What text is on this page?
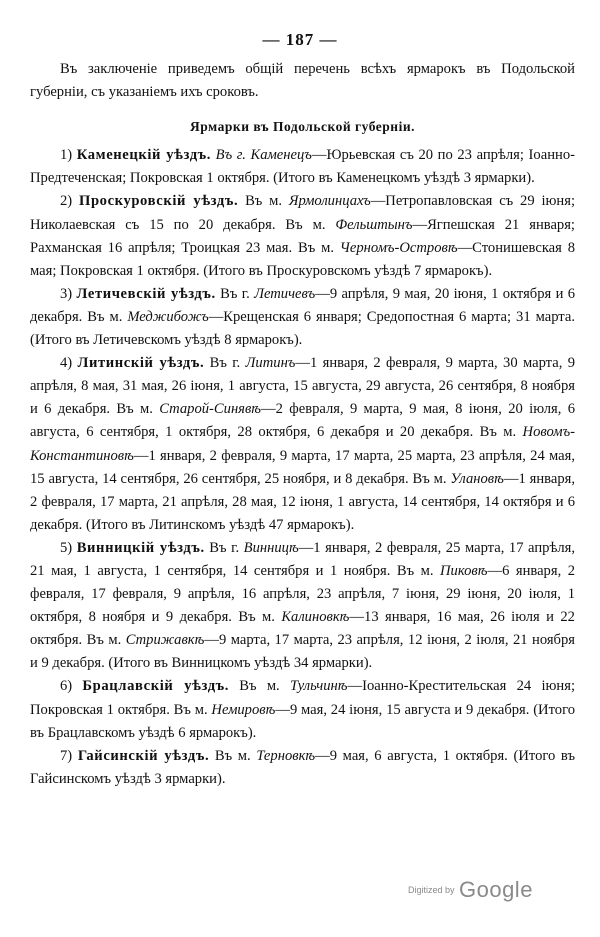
— 187 —

Въ заключеніе приведемъ общій перечень всѣхъ ярмарокъ въ Подольской губерніи, съ указаніемъ ихъ сроковъ.

Ярмарки въ Подольской губерніи.

1) Каменецкій уѣздъ. Въ г. Каменецъ—Юрьевская съ 20 по 23 апрѣля; Іоанно-Предтеченская; Покровская 1 октября. (Итого въ Каменецкомъ уѣздѣ 3 ярмарки).

2) Проскуровскій уѣздъ. Въ м. Ярмолинцахъ—Петропавловская съ 29 іюня; Николаевская съ 15 по 20 декабря. Въ м. Фельштынъ—Ягпешская 21 января; Рахманская 16 апрѣля; Троицкая 23 мая. Въ м. Черномъ-Островѣ—Стонишевская 8 мая; Покровская 1 октября. (Итого въ Проскуровскомъ уѣздѣ 7 ярмарокъ).

3) Летичевскій уѣздъ. Въ г. Летичевъ—9 апрѣля, 9 мая, 20 іюня, 1 октября и 6 декабря. Въ м. Меджибожъ—Крещенская 6 января; Средопостная 6 марта; 31 марта. (Итого въ Летичевскомъ уѣздѣ 8 ярмарокъ).

4) Литинскій уѣздъ. Въ г. Литинъ—1 января, 2 февраля, 9 марта, 30 марта, 9 апрѣля, 8 мая, 31 мая, 26 іюня, 1 августа, 15 августа, 29 августа, 26 сентября, 8 ноября и 6 декабря. Въ м. Старой-Синявѣ—2 февраля, 9 марта, 9 мая, 8 іюня, 20 іюля, 6 августа, 6 сентября, 1 октября, 28 октября, 6 декабря и 20 декабря. Въ м. Новомъ-Константиновѣ—1 января, 2 февраля, 9 марта, 17 марта, 25 марта, 23 апрѣля, 24 мая, 15 августа, 14 сентября, 26 сентября, 25 ноября, и 8 декабря. Въ м. Улановѣ—1 января, 2 февраля, 17 марта, 21 апрѣля, 28 мая, 12 іюня, 1 августа, 14 сентября, 14 октября и 6 декабря. (Итого въ Литинскомъ уѣздѣ 47 ярмарокъ).

5) Винницкій уѣздъ. Въ г. Винницѣ—1 января, 2 февраля, 25 марта, 17 апрѣля, 21 мая, 1 августа, 1 сентября, 14 сентября и 1 ноября. Въ м. Пиковѣ—6 января, 2 февраля, 17 февраля, 9 апрѣля, 16 апрѣля, 23 апрѣля, 7 іюня, 29 іюня, 20 іюля, 1 октября, 8 ноября и 9 декабря. Въ м. Калиновкѣ—13 января, 16 мая, 26 іюля и 22 октября. Въ м. Стрижавкѣ—9 марта, 17 марта, 23 апрѣля, 12 іюня, 2 іюля, 21 ноября и 9 декабря. (Итого въ Винницкомъ уѣздѣ 34 ярмарки).

6) Брацлавскій уѣздъ. Въ м. Тульчинѣ—Іоанно-Крестительская 24 іюня; Покровская 1 октября. Въ м. Немировѣ—9 мая, 24 іюня, 15 августа и 9 декабря. (Итого въ Брацлавскомъ уѣздѣ 6 ярмарокъ).

7) Гайсинскій уѣздъ. Въ м. Терновкѣ—9 мая, 6 августа, 1 октября. (Итого въ Гайсинскомъ уѣздѣ 3 ярмарки).

Digitized by Google
